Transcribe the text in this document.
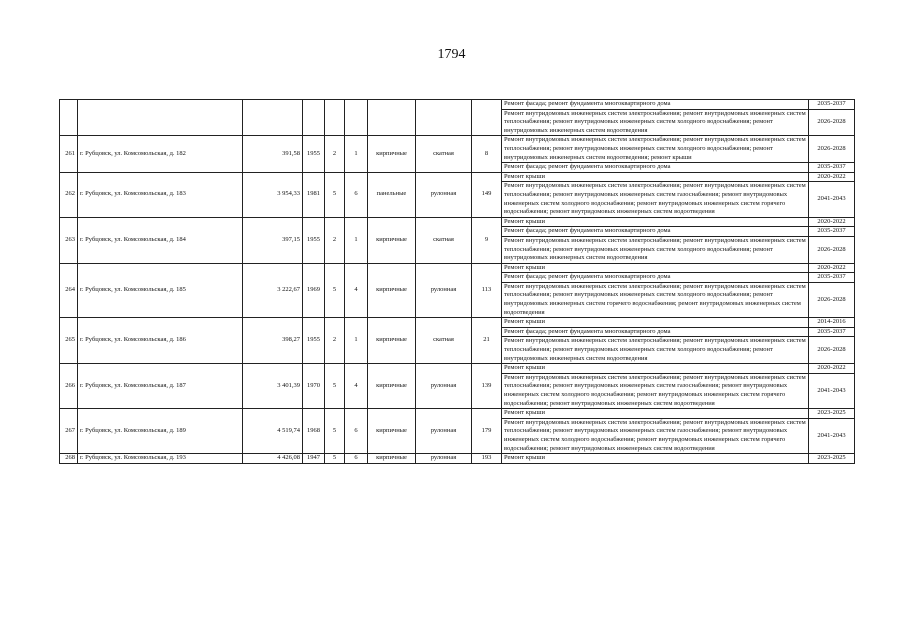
1794
									Ремонт фасада; ремонт фундамента многоквартирного дома	2035-2037
									Ремонт внутридомовых инженерных систем электроснабжения; ремонт внутридомовых инженерных систем теплоснабжения; ремонт внутридомовых инженерных систем холодного водоснабжения; ремонт внутридомовых инженерных систем водоотведения	2026-2028
261	г. Рубцовск, ул. Комсомольская, д. 182	391,58	1955	2	1	кирпичные	скатная	8	Ремонт внутридомовых инженерных систем электроснабжения; ремонт внутридомовых инженерных систем теплоснабжения; ремонт внутридомовых инженерных систем холодного водоснабжения; ремонт внутридомовых инженерных систем водоотведения; ремонт крыши	2026-2028
									Ремонт фасада; ремонт фундамента многоквартирного дома	2035-2037
262	г. Рубцовск, ул. Комсомольская, д. 183	3 954,33	1981	5	6	панельные	рулонная	149	Ремонт крыши	2020-2022
									Ремонт внутридомовых инженерных систем электроснабжения; ремонт внутридомовых инженерных систем теплоснабжения; ремонт внутридомовых инженерных систем газоснабжения; ремонт внутридомовых инженерных систем холодного водоснабжения; ремонт внутридомовых инженерных систем горячего водоснабжения; ремонт внутридомовых инженерных систем водоотведения	2041-2043
263	г. Рубцовск, ул. Комсомольская, д. 184	397,15	1955	2	1	кирпичные	скатная	9	Ремонт крыши	2020-2022
									Ремонт фасада; ремонт фундамента многоквартирного дома	2035-2037
									Ремонт внутридомовых инженерных систем электроснабжения; ремонт внутридомовых инженерных систем теплоснабжения; ремонт внутридомовых инженерных систем холодного водоснабжения; ремонт внутридомовых инженерных систем водоотведения	2026-2028
264	г. Рубцовск, ул. Комсомольская, д. 185	3 222,67	1969	5	4	кирпичные	рулонная	113	Ремонт крыши	2020-2022
									Ремонт фасада; ремонт фундамента многоквартирного дома	2035-2037
									Ремонт внутридомовых инженерных систем электроснабжения; ремонт внутридомовых инженерных систем теплоснабжения; ремонт внутридомовых инженерных систем холодного водоснабжения; ремонт внутридомовых инженерных систем горячего водоснабжения; ремонт внутридомовых инженерных систем водоотведения	2026-2028
265	г. Рубцовск, ул. Комсомольская, д. 186	398,27	1955	2	1	кирпичные	скатная	21	Ремонт крыши	2014-2016
									Ремонт фасада; ремонт фундамента многоквартирного дома	2035-2037
									Ремонт внутридомовых инженерных систем электроснабжения; ремонт внутридомовых инженерных систем теплоснабжения; ремонт внутридомовых инженерных систем холодного водоснабжения; ремонт внутридомовых инженерных систем водоотведения	2026-2028
266	г. Рубцовск, ул. Комсомольская, д. 187	3 401,39	1970	5	4	кирпичные	рулонная	139	Ремонт крыши	2020-2022
									Ремонт внутридомовых инженерных систем электроснабжения; ремонт внутридомовых инженерных систем теплоснабжения; ремонт внутридомовых инженерных систем газоснабжения; ремонт внутридомовых инженерных систем холодного водоснабжения; ремонт внутридомовых инженерных систем горячего водоснабжения; ремонт внутридомовых инженерных систем водоотведения	2041-2043
267	г. Рубцовск, ул. Комсомольская, д. 189	4 519,74	1968	5	6	кирпичные	рулонная	179	Ремонт крыши	2023-2025
									Ремонт внутридомовых инженерных систем электроснабжения; ремонт внутридомовых инженерных систем теплоснабжения; ремонт внутридомовых инженерных систем газоснабжения; ремонт внутридомовых инженерных систем холодного водоснабжения; ремонт внутридомовых инженерных систем горячего водоснабжения; ремонт внутридомовых инженерных систем водоотведения	2041-2043
268	г. Рубцовск, ул. Комсомольская, д. 193	4 426,08	1947	5	6	кирпичные	рулонная	193	Ремонт крыши	2023-2025
